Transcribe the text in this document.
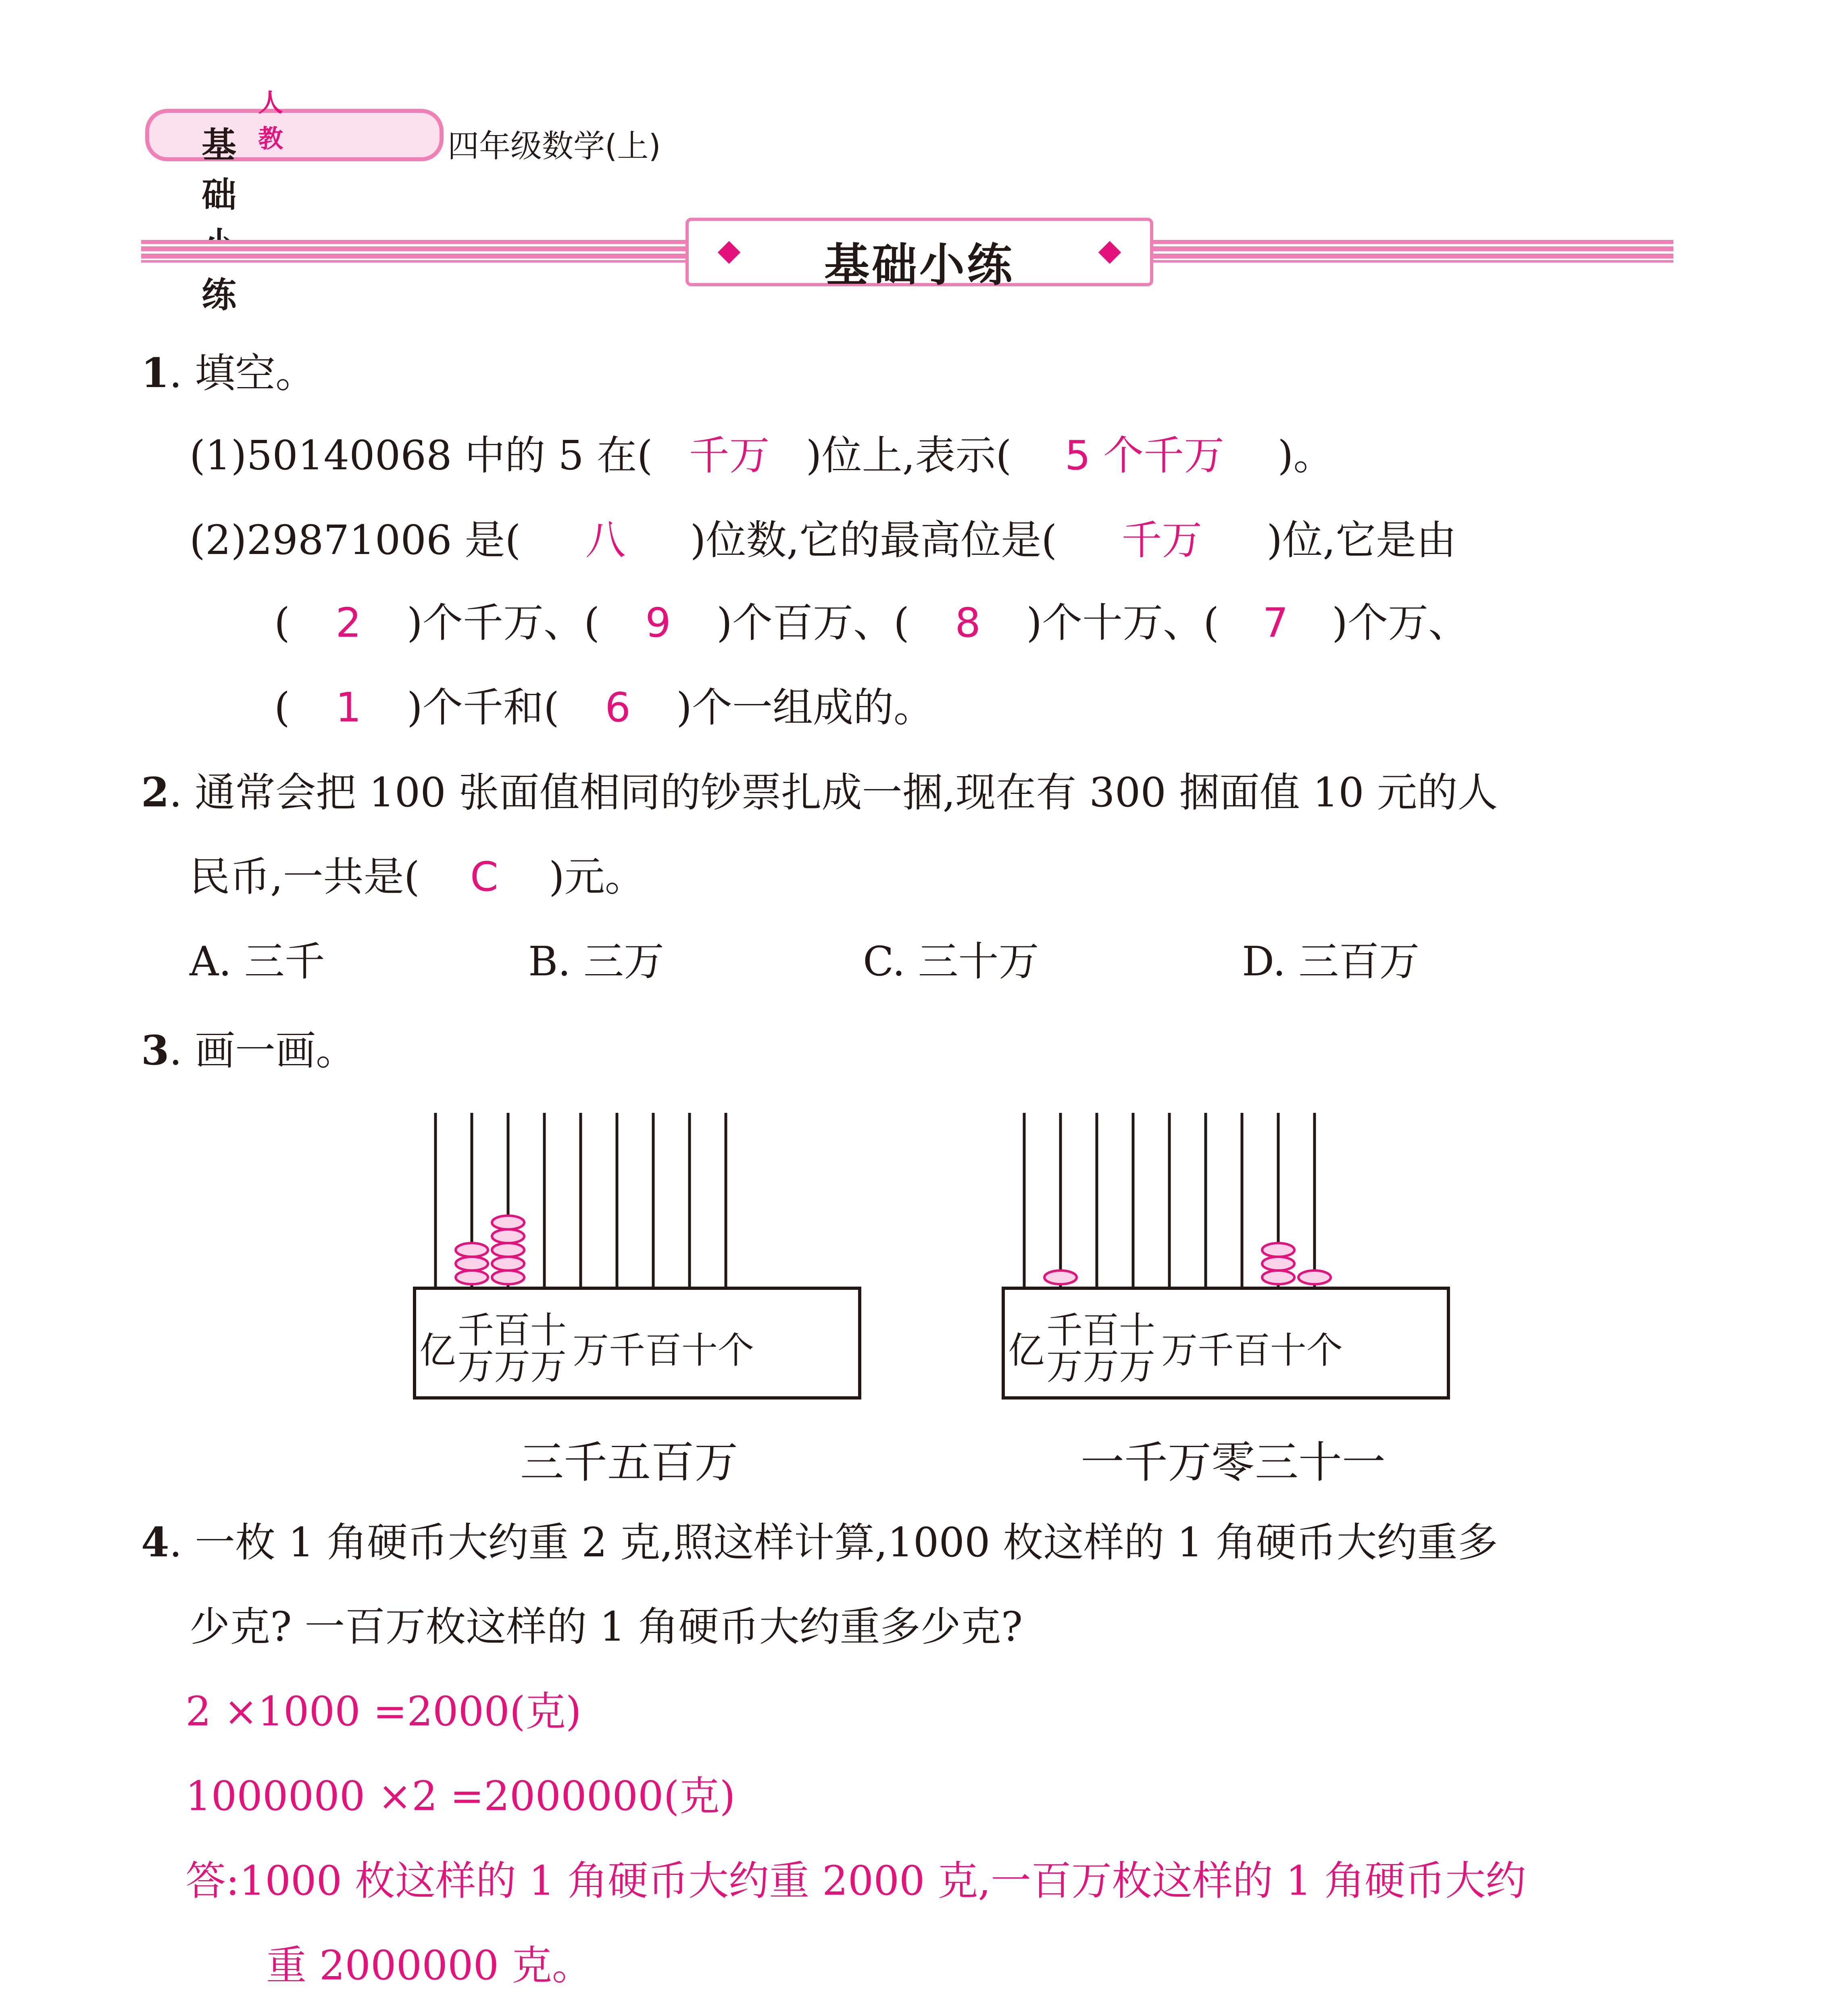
人 教
基础 练
四年级数学(上)
基础小练
1. 填空。
(1)50140068 中的 5 在( 千万 )位上,表示( 5 个千万 )。
(2)29871006 是( 八 )位数,它的最高位是( 千万 )位,它是由
( 2 )个千万、( 9 )个百万、( 8 )个十万、( 7 )个万、
( 1 )个千和( 6 )个一组成的。
2. 通常会把 100 张面值相同的钞票扎成一捆,现在有 300 捆面值 10 元的人
民币,一共是( C )元。
A. 三千	B. 三万	C. 三十万	D. 三百万
3. 画一画。
亿 千
万
百
万
十
万 万 千 百 十 个
三千五百万
亿 千
万
百
万
十
万 万 千 百 十 个
一千万零三十一
4. 一枚 1 角硬币大约重 2 克,照这样计算,1000 枚这样的 1 角硬币大约重多
少克? 一百万枚这样的 1 角硬币大约重多少克?
2 ×1000 =2000(克)
1000000 ×2 =2000000(克)
答:1000 枚这样的 1 角硬币大约重 2000 克,一百万枚这样的 1 角硬币大约
重 2000000 克。
